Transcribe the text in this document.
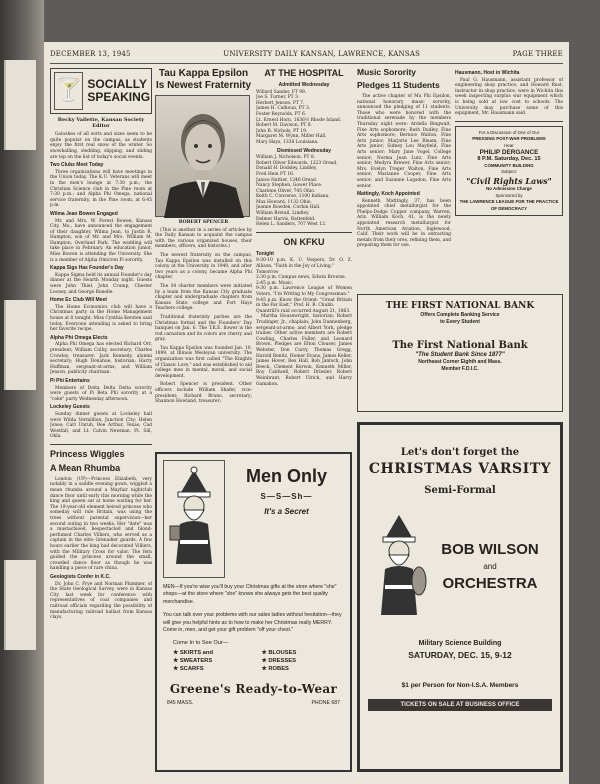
DECEMBER 13, 1945	UNIVERSITY DAILY KANSAN, LAWRENCE, KANSAS	PAGE THREE
🍸 SOCIALLY
SPEAKING
Becky Vallette, Kansan Society Editor

Goloshes of all sorts and sizes seem to be quite popular on the campus, as students enjoy the first real snow of the winter. So snowballing, sledding, slipping, and sliding are top on the list of today's social events.

Two Clubs Meet Today

Three organizations will have meetings in the Union today. The K.U. Veterans will meet in the men's lounge at 7:30 p.m.; the Christian Science club in the Pine room at 7:30 p.m.; and Alpha Phi Omega, national service fraternity, in the Pine room, at 6:45 p.m.

Wilma Jean Bowen Engaged

Mr. and Mrs. W. Forest Bowen, Kansas City, Mo., have announced the engagement of their daughter, Wilma Jean, to Justin R. Hampton, son of Mr. and Mrs. William M. Hampton, Overland Park. The wedding will take place in February. An education junior, Miss Bowen is attending the University. She is a member of Alpha Omicron Pi sorority.

Kappa Sigs Has Founder's Day

Kappa Sigma held its annual Founder's day dinner at the Hearth Monday night. Guests were John Thiel, John Crump, Chester Looney, and George Bonelle.

Home Ec Club Will Meet

The Home Economics club will have a Christmas party in the Home Management house at 8 tonight. Miss Cynthia Kersten said today. Everyone attending is asked to bring her favorite recipe.

Alpha Phi Omega Elects

Alpha Phi Omega has elected Richard Orr, president; William Colby, secretary; Charles Crowley, treasurer; Jack Kennedy, alumni secretary; Hugh Donahue, historian; Harry Huffman, sergeant-at-arms; and William Jenson, publicity chairman.

Pi Phi Entertains

Members of Delta Delta Delta sorority were guests of Pi Beta Phi sorority at a "coke" party Wednesday afternoon.

Lockeley Guests

Sunday dinner guests at Lockeley hall were Wilda Vermillion, Junction City; Helen Jones; Carl Unruh, Bee Arthur, Texas; Cad Westfall; and Lt. Calvin Newman, Ft. Sill, Okla.

Princess Wiggles
A Mean Rhumba

London (UP)—Princess Elizabeth, very notably in a saddle evening gown, wiggled a mean rhumba around a Mayfair nightclub dance floor until early this morning while the king and queen sat at home waiting for her. The 19-year-old element heired princess who someday will rule Britain, was using the trees without parental supervision—her second outing in two weeks. Her "date" was a mustachioed, bespectacled and blond-perfumed Charles Villiers, who served as a captain in the elite Grenadier guards. A few hours earlier the king had decorated Villiers, with the Military Cross for valor. The fern guided the princess around the small, crowded dance floor as though he was handling a piece of rare china.

Geologists Confer in K.C.

Dr. John C. Frye and Norman Plummer, of the State Geological Survey, were in Kansas City last week for conference with representatives of coal companies and railroad officials regarding the possibility of manufacturing railroad ballast from Kansas clays.

Tau Kappa Epsilon
Is Newest Fraternity
ROBERT SPENCER

(This is another in a series of articles by the Daily Kansan to acquaint the campus with the various organized houses, their members, officers, and histories.)

The newest fraternity on the campus, Tau Kappa Epsilon was installed on this colony at the University in 1940, and after two years as a colony, became Alpha Phi chapter.

The 34 charter members were initiated by a team from the Kansas City graduate chapter and undergraduate chapters from Kansas State college and Fort Hays Teachers college.

Traditional fraternity parties are the Christmas formal and the Founders' Day banquet on Jan. 6. The T.K.E. flower is the red carnation and its colors are cherry and gray.

Tau Kappa Epsilon was founded Jan. 10, 1899, at Illinois Wesleyan university. The organization was first called "The Knights of Classic Lore," and was established to aid college men in mental, moral, and social development.

Robert Spencer is president. Other officers include William Shafer, vice-president; Richard Bruno, secretary; Shannon Howland, treasurer;

AT THE HOSPITAL
Admitted Wednesday

Willard Sander, FT 99.

Joe S. Turner, PT 3.

Herbert Jenson, PT 7.

James H. Calhoun, PT 3.

Foster Reynolds, PT 6.

Lt. Ernest Horn, 1636½ Rhode Island.

Robert M. Davison, PT 8.

John B. Nichols, PT 19.

Margaret M. Wynn, Miller Hall.

Mary Hays, 1338 Louisiana.

Dismissed Wednesday

William J. Nicholson, PT 8.

Robert Oliver Edwards, 1223 Oread.

Donald H. Dodsley, Lindley.

Fred Hein PT 16.

Janice Nattier, 1246 Oread.

Nancy Stephen, Gower Place.

Charlene Oliver, 745 Ohio.

Keith C. Converse, 1100 Indiana.

Max Howard, 1132 Ohio.

Jeanne Bowden, Corbin Hall.

William Bretall, Lindley.

Delmer Harris, Battenfeld.

Helen L. Sanders, 707 West 12.

ON KFKU
Tonight

9:30-10 p.m. K. U. Vespers, Dr. O. Z. Allison, "Faith in the Joy of Living."

Tomorrow

2:30 p.m. Campus news, Edwin Browne.

2:45 p.m. Music.

9:30 p.m. Lawrence League of Women Voters, "I'm Writing to My Congressman."

9:45 p.m. Know the Orient: "Great Britain in the Far East," Prof. H. B. Chubb.

Quantrill's raid occurred August 21, 1863.

Martha Housewright, historian; Robert Trudinger, Jr., chaplain; John Dannenberg, sergeant-at-arms; and Albert York, pledge trainer. Other active members are Robert Cowling, Charles Fuller, and Leonard Brown. Pledges are Elton Clouser, James Webster, Don Curry, Thomas Gregg, Harold Benitz, Homer Evans, James Keller, James Hover, Rex Hall, Bob Jantsch, John Beeck, Clement Kerwin, Kenneth Miller, Roy Caldwell, Robert Driesler, Robert Weinbrant, Robert Ulrich, and Harry Gamakon.

Music Sorority
Pledges 11 Students

The active chapter of Mu Phi Epsilon, national honorary music sorority, announced the pledging of 11 students. Those who were honored with the traditional serenade by the members Thursday night were: Ardella Bingwalt, Fine Arts sophomore; Ruth Dudley, Fine Arts sophomore; Bernice Walton, Fine Arts junior; Marjorie Lee Bleam, Fine Arts junior; Sidney Lou Mayfield, Fine Arts senior; Mary Jane Vogel, College senior; Norma Jean Lutz, Fine Arts senior; Medyra Brewer, Fine Arts senior; Mrs. Evelyn Treger Walton, Fine Arts senior; Marianne Cooper, Fine Arts senior; and Suzanne Logsdon, Fine Arts senior.

Mattingly, Koch Appointed

Kenneth Mattingly, 37, has been appointed chief metallurgist for the Phelps-Dodge Copper company, Warren, Ariz. William Koch, 41, is the newly appointed research metallurgist for North American Aviation, Inglewood, Calif. Their work will be in extracting metals from their ores, refining them, and preparing them for use.

Hausmann, Host in Wichita

Paul G. Hausmann, assistant professor of engineering shop practice, and Howard Rust, instructor in shop practice, were in Wichita this week inspecting surplus war equipment which is being sold at low cost to schools. The University may purchase some of this equipment, Mr. Hausmann said.

For a Discussion of One of Our
PRESSING POST-WAR PROBLEMS
Hear
PHILIP DERGANCE
8 P.M. Saturday, Dec. 15
COMMUNITY BUILDING
Subject:
"Civil Rights Laws"
No Admission Charge
Sponsored by
THE LAWRENCE LEAGUE FOR THE PRACTICE OF DEMOCRACY
THE FIRST NATIONAL BANK
Offers Complete Banking Service
to Every Student
The First National Bank
"The Student Bank Since 1877"
Northeast Corner Eighth and Mass.
Member F.D.I.C.
Men Only
S—S—Sh—
It's a Secret

MEN—If you're wise you'll buy your Christmas gifts at the store where "she" shops—at the store where "she" knows she always gets the best quality merchandise.

You can talk over your problems with our sales ladies without hesitation—they will give you helpful hints as to how to make her Christmas really MERRY. Come in, men, and get your gift problem "off your chest."

Come In to See Our—
★ SKIRTS and	★ BLOUSES
★ SWEATERS	★ DRESSES
★ SCARFS	★ ROBES
Greene's Ready-to-Wear
845 MASS.	PHONE 687
Let's don't forget the
CHRISTMAS VARSITY
Semi-Formal
BOB WILSON
and
ORCHESTRA
Military Science Building
SATURDAY, DEC. 15, 9-12
$1 per Person for Non-I.S.A. Members
TICKETS ON SALE AT BUSINESS OFFICE
